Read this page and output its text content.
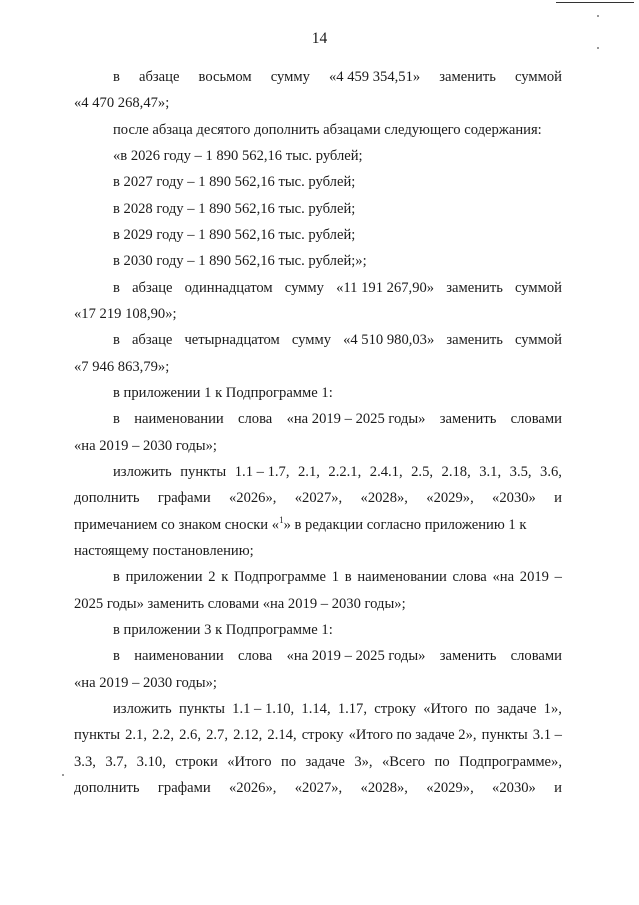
14
в абзаце восьмом сумму «4 459 354,51» заменить суммой
«4 470 268,47»;
после абзаца десятого дополнить абзацами следующего содержания:
«в 2026 году – 1 890 562,16 тыс. рублей;
в 2027 году – 1 890 562,16 тыс. рублей;
в 2028 году – 1 890 562,16 тыс. рублей;
в 2029 году – 1 890 562,16 тыс. рублей;
в 2030 году – 1 890 562,16 тыс. рублей;»;
в абзаце одиннадцатом сумму «11 191 267,90» заменить суммой
«17 219 108,90»;
в абзаце четырнадцатом сумму «4 510 980,03» заменить суммой
«7 946 863,79»;
в приложении 1 к Подпрограмме 1:
в наименовании слова «на 2019 – 2025 годы» заменить словами
«на 2019 – 2030 годы»;
изложить пункты 1.1 – 1.7, 2.1, 2.2.1, 2.4.1, 2.5, 2.18, 3.1, 3.5, 3.6,
дополнить графами «2026», «2027», «2028», «2029», «2030» и
примечанием со знаком сноски «$^1$» в редакции согласно приложению 1 к
настоящему постановлению;
в приложении 2 к Подпрограмме 1 в наименовании слова «на 2019 –
2025 годы» заменить словами «на 2019 – 2030 годы»;
в приложении 3 к Подпрограмме 1:
в наименовании слова «на 2019 – 2025 годы» заменить словами
«на 2019 – 2030 годы»;
изложить пункты 1.1 – 1.10, 1.14, 1.17, строку «Итого по задаче 1»,
пункты 2.1, 2.2, 2.6, 2.7, 2.12, 2.14, строку «Итого по задаче 2», пункты 3.1 –
3.3, 3.7, 3.10, строки «Итого по задаче 3», «Всего по Подпрограмме»,
дополнить графами «2026», «2027», «2028», «2029», «2030» и
